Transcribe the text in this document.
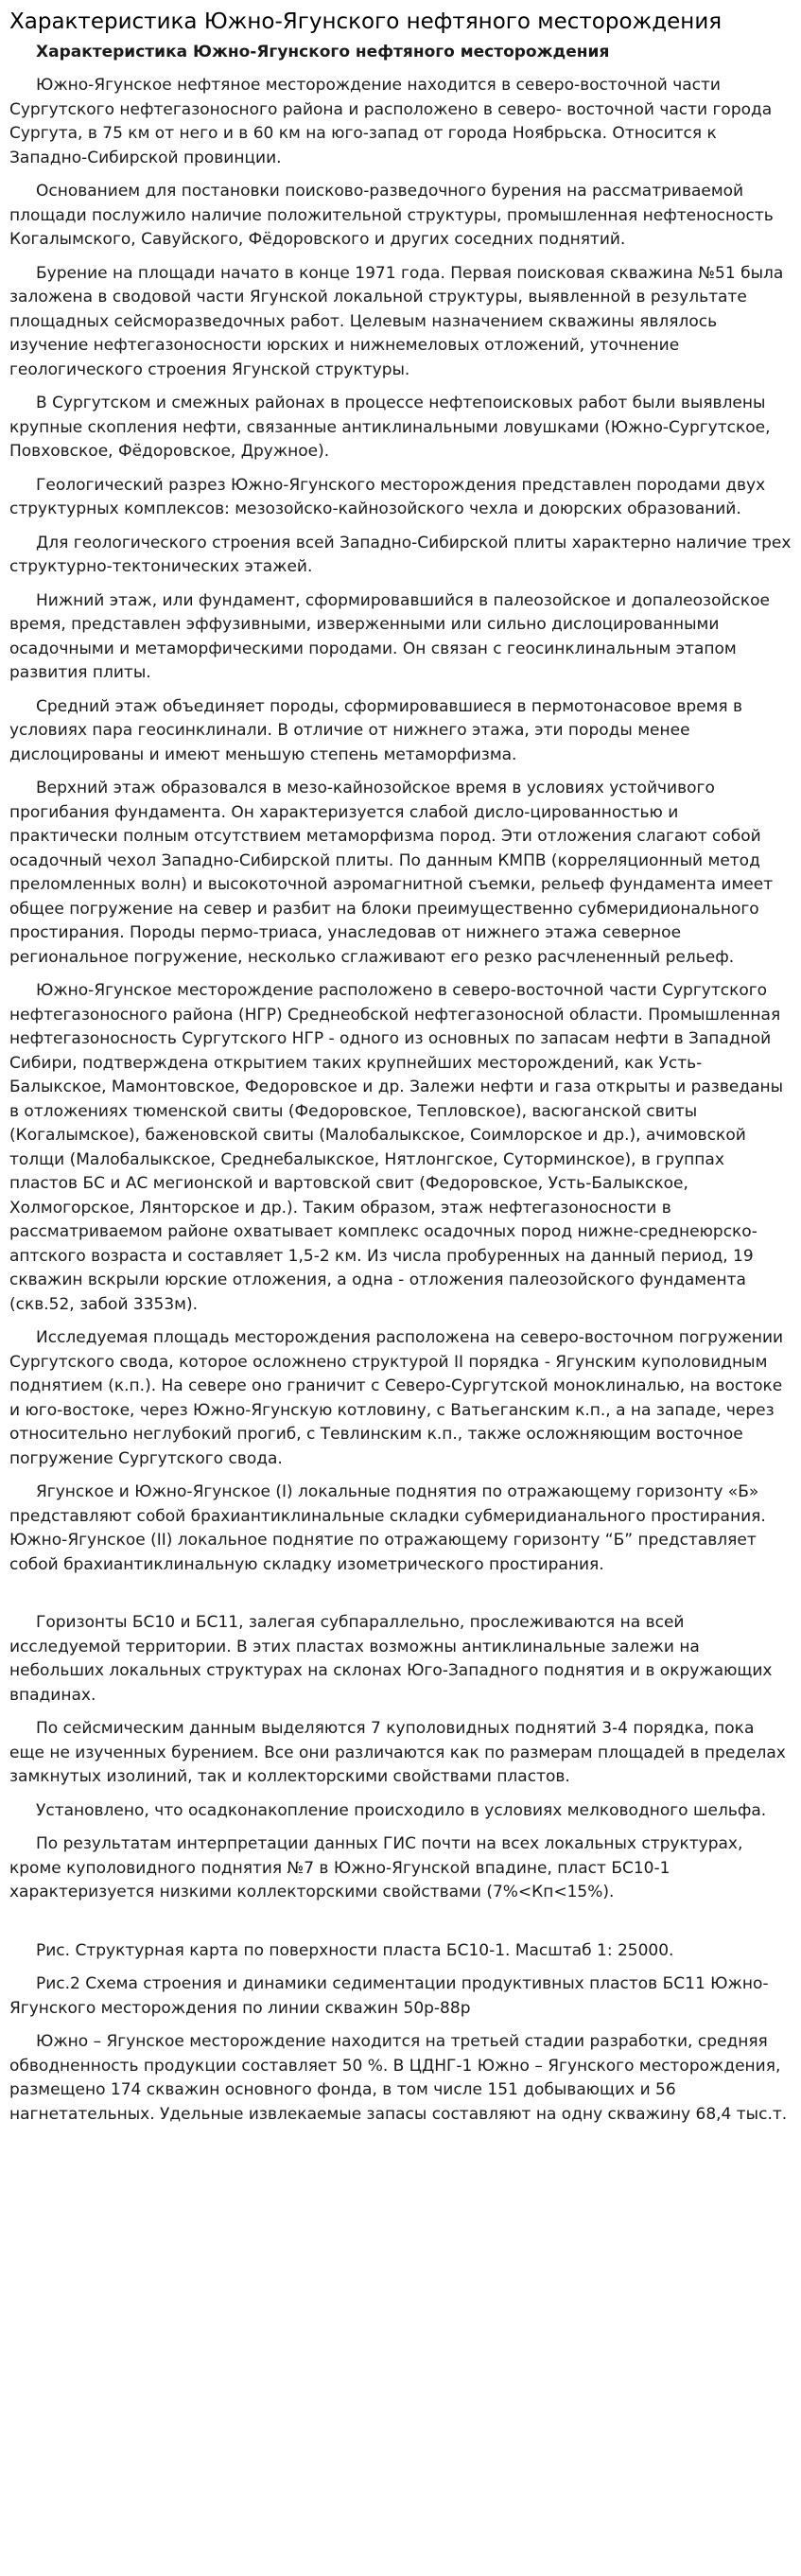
Характеристика Южно-Ягунского нефтяного месторождения
Характеристика Южно-Ягунского нефтяного месторождения

Южно-Ягунское нефтяное месторождение находится в северо-восточной части Сургутского нефтегазоносного района и расположено в северо- восточной части города Сургута, в 75 км от него и в 60 км на юго-запад от города Ноябрьска. Относится к Западно-Сибирской провинции.

Основанием для постановки поисково-разведочного бурения на рассматриваемой площади послужило наличие положительной структуры, промышленная нефтеносность Когалымского, Савуйского, Фёдоровского и других соседних поднятий.

Бурение на площади начато в конце 1971 года. Первая поисковая скважина №51 была заложена в сводовой части Ягунской локальной структуры, выявленной в результате площадных сейсморазведочных работ. Целевым назначением скважины являлось изучение нефтегазоносности юрских и нижнемеловых отложений, уточнение геологического строения Ягунской структуры.

В Сургутском и смежных районах в процессе нефтепоисковых работ были выявлены крупные скопления нефти, связанные антиклинальными ловушками (Южно-Сургутское, Повховское, Фёдоровское, Дружное).

Геологический разрез Южно-Ягунского месторождения представлен породами двух структурных комплексов: мезозойско-кайнозойского чехла и доюрских образований.

Для геологического строения всей Западно-Сибирской плиты характерно наличие трех структурно-тектонических этажей.

Нижний этаж, или фундамент, сформировавшийся в палеозойское и допалеозойское время, представлен эффузивными, изверженными или сильно дислоцированными осадочными и метаморфическими породами. Он связан с геосинклинальным этапом развития плиты.

Средний этаж объединяет породы, сформировавшиеся в пермотонасовое время в условиях пара геосинклинали. В отличие от нижнего этажа, эти породы менее дислоцированы и имеют меньшую степень метаморфизма.

Верхний этаж образовался в мезо-кайнозойское время в условиях устойчивого прогибания фундамента. Он характеризуется слабой дисло-цированностью и практически полным отсутствием метаморфизма пород. Эти отложения слагают собой осадочный чехол Западно-Сибирской плиты. По данным КМПВ (корреляционный метод преломленных волн) и высокоточной аэромагнитной съемки, рельеф фундамента имеет общее погружение на север и разбит на блоки преимущественно субмеридионального простирания. Породы пермо-триаса, унаследовав от нижнего этажа северное региональное погружение, несколько сглаживают его резко расчлененный рельеф.

Южно-Ягунское месторождение расположено в северо-восточной части Сургутского нефтегазоносного района (НГР) Среднеобской нефтегазоносной области. Промышленная нефтегазоносность Сургутского НГР - одного из основных по запасам нефти в Западной Сибири, подтверждена открытием таких крупнейших месторождений, как Усть-Балыкское, Мамонтовское, Федоровское и др. Залежи нефти и газа открыты и разведаны в отложениях тюменской свиты (Федоровское, Тепловское), васюганской свиты (Когалымское), баженовской свиты (Малобалыкское, Соимлорское и др.), ачимовской толщи (Малобалыкское, Среднебалыкское, Нятлонгское, Суторминское), в группах пластов БС и АС мегионской и вартовской свит (Федоровское, Усть-Балыкское, Холмогорское, Лянторское и др.). Таким образом, этаж нефтегазоносности в рассматриваемом районе охватывает комплекс осадочных пород нижне-среднеюрско-аптского возраста и составляет 1,5-2 км. Из числа пробуренных на данный период, 19 скважин вскрыли юрские отложения, а одна - отложения палеозойского фундамента (скв.52, забой 3353м).

Исследуемая площадь месторождения расположена на северо-восточном погружении Сургутского свода, которое осложнено структурой II порядка - Ягунским куполовидным поднятием (к.п.). На севере оно граничит с Северо-Сургутской моноклиналью, на востоке и юго-востоке, через Южно-Ягунскую котловину, с Ватьеганским к.п., а на западе, через относительно неглубокий прогиб, с Тевлинским к.п., также осложняющим восточное погружение Сургутского свода.

Ягунское и Южно-Ягунское (I) локальные поднятия по отражающему горизонту «Б» представляют собой брахиантиклинальные складки субмеридианального простирания. Южно-Ягунское (II) локальное поднятие по отражающему горизонту “Б” представляет собой брахиантиклинальную складку изометрического простирания.

Горизонты БС10 и БС11, залегая субпараллельно, прослеживаются на всей исследуемой территории. В этих пластах возможны антиклинальные залежи на небольших локальных структурах на склонах Юго-Западного поднятия и в окружающих впадинах.

По сейсмическим данным выделяются 7 куполовидных поднятий 3-4 порядка, пока еще не изученных бурением. Все они различаются как по размерам площадей в пределах замкнутых изолиний, так и коллекторскими свойствами пластов.

Установлено, что осадконакопление происходило в условиях мелководного шельфа.

По результатам интерпретации данных ГИС почти на всех локальных структурах, кроме куполовидного поднятия №7 в Южно-Ягунской впадине, пласт БС10-1 характеризуется низкими коллекторскими свойствами (7%<Кп<15%).

Рис. Структурная карта по поверхности пласта БС10-1. Масштаб 1: 25000.

Рис.2 Схема строения и динамики седиментации продуктивных пластов БС11 Южно-Ягунского месторождения по линии скважин 50р-88р

Южно – Ягунское месторождение находится на третьей стадии разработки, средняя обводненность продукции составляет 50 %. В ЦДНГ-1 Южно – Ягунского месторождения, размещено 174 скважин основного фонда, в том числе 151 добывающих и 56 нагнетательных. Удельные извлекаемые запасы составляют на одну скважину 68,4 тыс.т.
